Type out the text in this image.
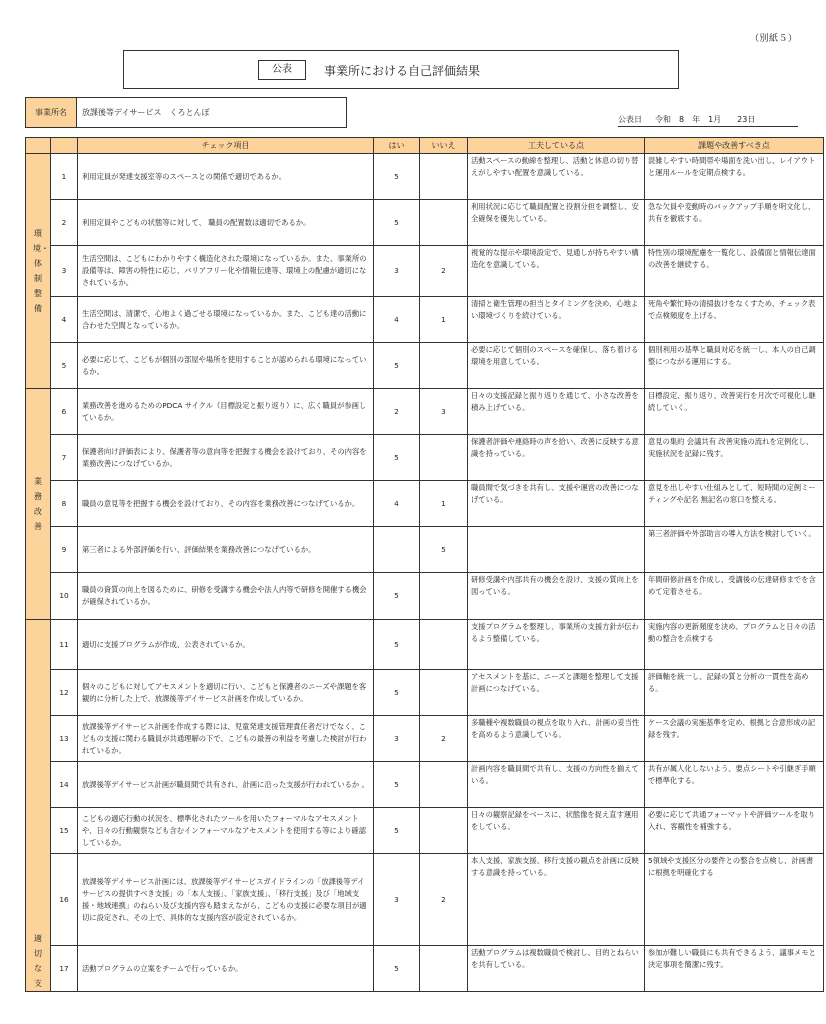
（別紙５）
公表	事業所における自己評価結果
事業所名	放課後等デイサービス　くろとんぼ
公表日 令和　8　年　1月　　23日
		チェック項目	はい	いいえ	工夫している点	課題や改善すべき点
環境・体制整備	1	利用定員が発達支援室等のスペースとの関係で適切であるか。	5		活動スペースの動線を整理し、活動と休息の切り替えがしやすい配置を意識している。	混雑しやすい時間帯や場面を洗い出し、レイアウトと運用ルールを定期点検する。
	2	利用定員やこどもの状態等に対して、 職員の配置数は適切であるか。	5		利用状況に応じて職員配置と役割分担を調整し、安全確保を優先している。	急な欠員や変動時のバックアップ手順を明文化し、共有を徹底する。
	3	生活空間は、こどもにわかりやすく構造化された環境になっているか。また、事業所の設備等は、障害の特性に応じ、バリアフリー化や情報伝達等、環境上の配慮が適切になされているか。	3	2	視覚的な提示や環境設定で、見通しが持ちやすい構造化を意識している。	特性別の環境配慮を一覧化し、設備面と情報伝達面の改善を継続する。
	4	生活空間は、清潔で、心地よく過ごせる環境になっているか。また、こども達の活動に合わせた空間となっているか。	4	1	清掃と衛生管理の担当とタイミングを決め、心地よい環境づくりを続けている。	死角や繁忙時の清掃抜けをなくすため、チェック表で点検頻度を上げる。
	5	必要に応じて、こどもが個別の部屋や場所を使用することが認められる環境になっているか。	5		必要に応じて個別のスペースを確保し、落ち着ける環境を用意している。	個別利用の基準と職員対応を統一し、本人の自己調整につながる運用にする。
業務改善	6	業務改善を進めるためのPDCA サイクル（目標設定と振り返り）に、広く職員が参画しているか。	2	3	日々の支援記録と振り返りを通じて、小さな改善を積み上げている。	目標設定、振り返り、改善実行を月次で可視化し継続していく。
	7	保護者向け評価表により、保護者等の意向等を把握する機会を設けており、その内容を業務改善につなげているか。	5		保護者評価や連絡時の声を拾い、改善に反映する意識を持っている。	意見の集約 会議共有 改善実施の流れを定例化し、実施状況を記録に残す。
	8	職員の意見等を把握する機会を設けており、その内容を業務改善につなげているか。	4	1	職員間で気づきを共有し、支援や運営の改善につなげている。	意見を出しやすい仕組みとして、短時間の定例ミーティングや記名 無記名の窓口を整える。
	9	第三者による外部評価を行い、評価結果を業務改善につなげているか。		5		第三者評価や外部助言の導入方法を検討していく。
	10	職員の資質の向上を図るために、研修を受講する機会や法人内等で研修を開催する機会が確保されているか。	5		研修受講や内部共有の機会を設け、支援の質向上を図っている。	年間研修計画を作成し、受講後の伝達研修までを含めて定着させる。
適切な支	11	適切に支援プログラムが作成、公表されているか。	5		支援プログラムを整理し、事業所の支援方針が伝わるよう整備している。	実施内容の更新頻度を決め、プログラムと日々の活動の整合を点検する
	12	個々のこどもに対してアセスメントを適切に行い、こどもと保護者のニーズや課題を客観的に分析した上で、放課後等デイサービス計画を作成しているか。	5		アセスメントを基に、ニーズと課題を整理して支援計画につなげている。	評価軸を統一し、記録の質と分析の一貫性を高める。
	13	放課後等デイサービス計画を作成する際には、児童発達支援管理責任者だけでなく、こどもの支援に関わる職員が共通理解の下で、こどもの最善の利益を考慮した検討が行われているか。	3	2	多職種や複数職員の視点を取り入れ、計画の妥当性を高めるよう意識している。	ケース会議の実施基準を定め、根拠と合意形成の記録を残す。
	14	放課後等デイサービス計画が職員間で共有され、計画に沿った支援が行われているか 。	5		計画内容を職員間で共有し、支援の方向性を揃えている。	共有が属人化しないよう、要点シートや引継ぎ手順で標準化する。
	15	こどもの適応行動の状況を、標準化されたツールを用いたフォーマルなアセスメントや、日々の行動観察なども含むインフォーマルなアセスメントを使用する等により確認しているか。	5		日々の観察記録をベースに、状態像を捉え直す運用をしている。	必要に応じて共通フォーマットや評価ツールを取り入れ、客観性を補強する。
	16	放課後等デイサービス計画には、放課後等デイサービスガイドラインの「放課後等デイサービスの提供すべき支援」の「本人支援」、「家族支援」、「移行支援」及び「地域支援・地域連携」のねらい及び支援内容も踏まえながら、こどもの支援に必要な項目が適切に設定され、その上で、具体的な支援内容が設定されているか。	3	2	本人支援、家族支援、移行支援の観点を計画に反映する意識を持っている。	5領域や支援区分の要件との整合を点検し、計画書に根拠を明確化する
	17	活動プログラムの立案をチームで行っているか。	5		活動プログラムは複数職員で検討し、目的とねらいを共有している。	参加が難しい職員にも共有できるよう、議事メモと決定事項を簡潔に残す。
